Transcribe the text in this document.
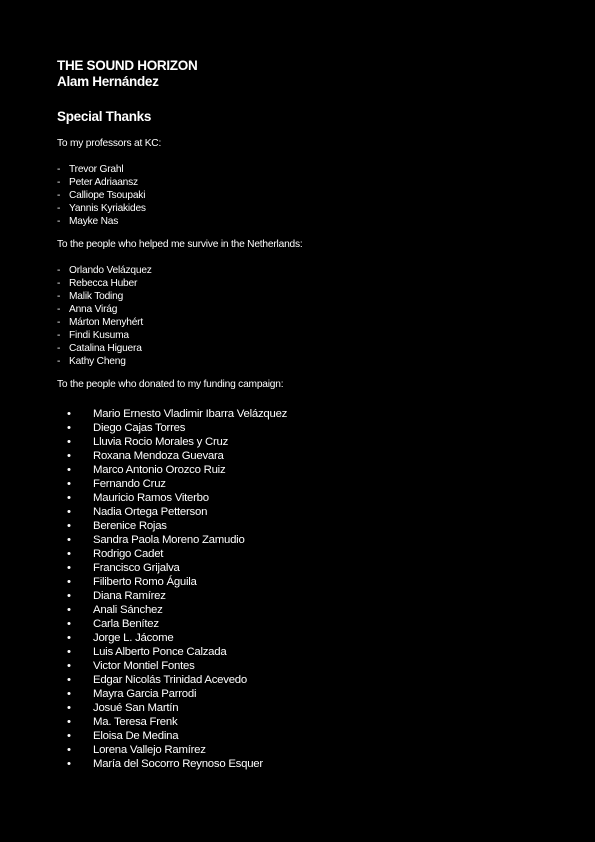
THE SOUND HORIZON
Alam Hernández
Special Thanks
To my professors at KC:
- Trevor Grahl
- Peter Adriaansz
- Calliope Tsoupaki
- Yannis Kyriakides
- Mayke Nas
To the people who helped me survive in the Netherlands:
- Orlando Velázquez
- Rebecca Huber
- Malik Toding
- Anna Virág
- Márton Menyhért
- Findi Kusuma
- Catalina Higuera
- Kathy Cheng
To the people who donated to my funding campaign:
• Mario Ernesto Vladimir Ibarra Velázquez
• Diego Cajas Torres
• Lluvia Rocio Morales y Cruz
• Roxana Mendoza Guevara
• Marco Antonio Orozco Ruiz
• Fernando Cruz
• Mauricio Ramos Viterbo
• Nadia Ortega Petterson
• Berenice Rojas
• Sandra Paola Moreno Zamudio
• Rodrigo Cadet
• Francisco Grijalva
• Filiberto Romo Águila
• Diana Ramírez
• Anali Sánchez
• Carla Benítez
• Jorge L. Jácome
• Luis Alberto Ponce Calzada
• Victor Montiel Fontes
• Edgar Nicolás Trinidad Acevedo
• Mayra Garcia Parrodi
• Josué San Martín
• Ma. Teresa Frenk
• Eloisa De Medina
• Lorena Vallejo Ramírez
• María del Socorro Reynoso Esquer
